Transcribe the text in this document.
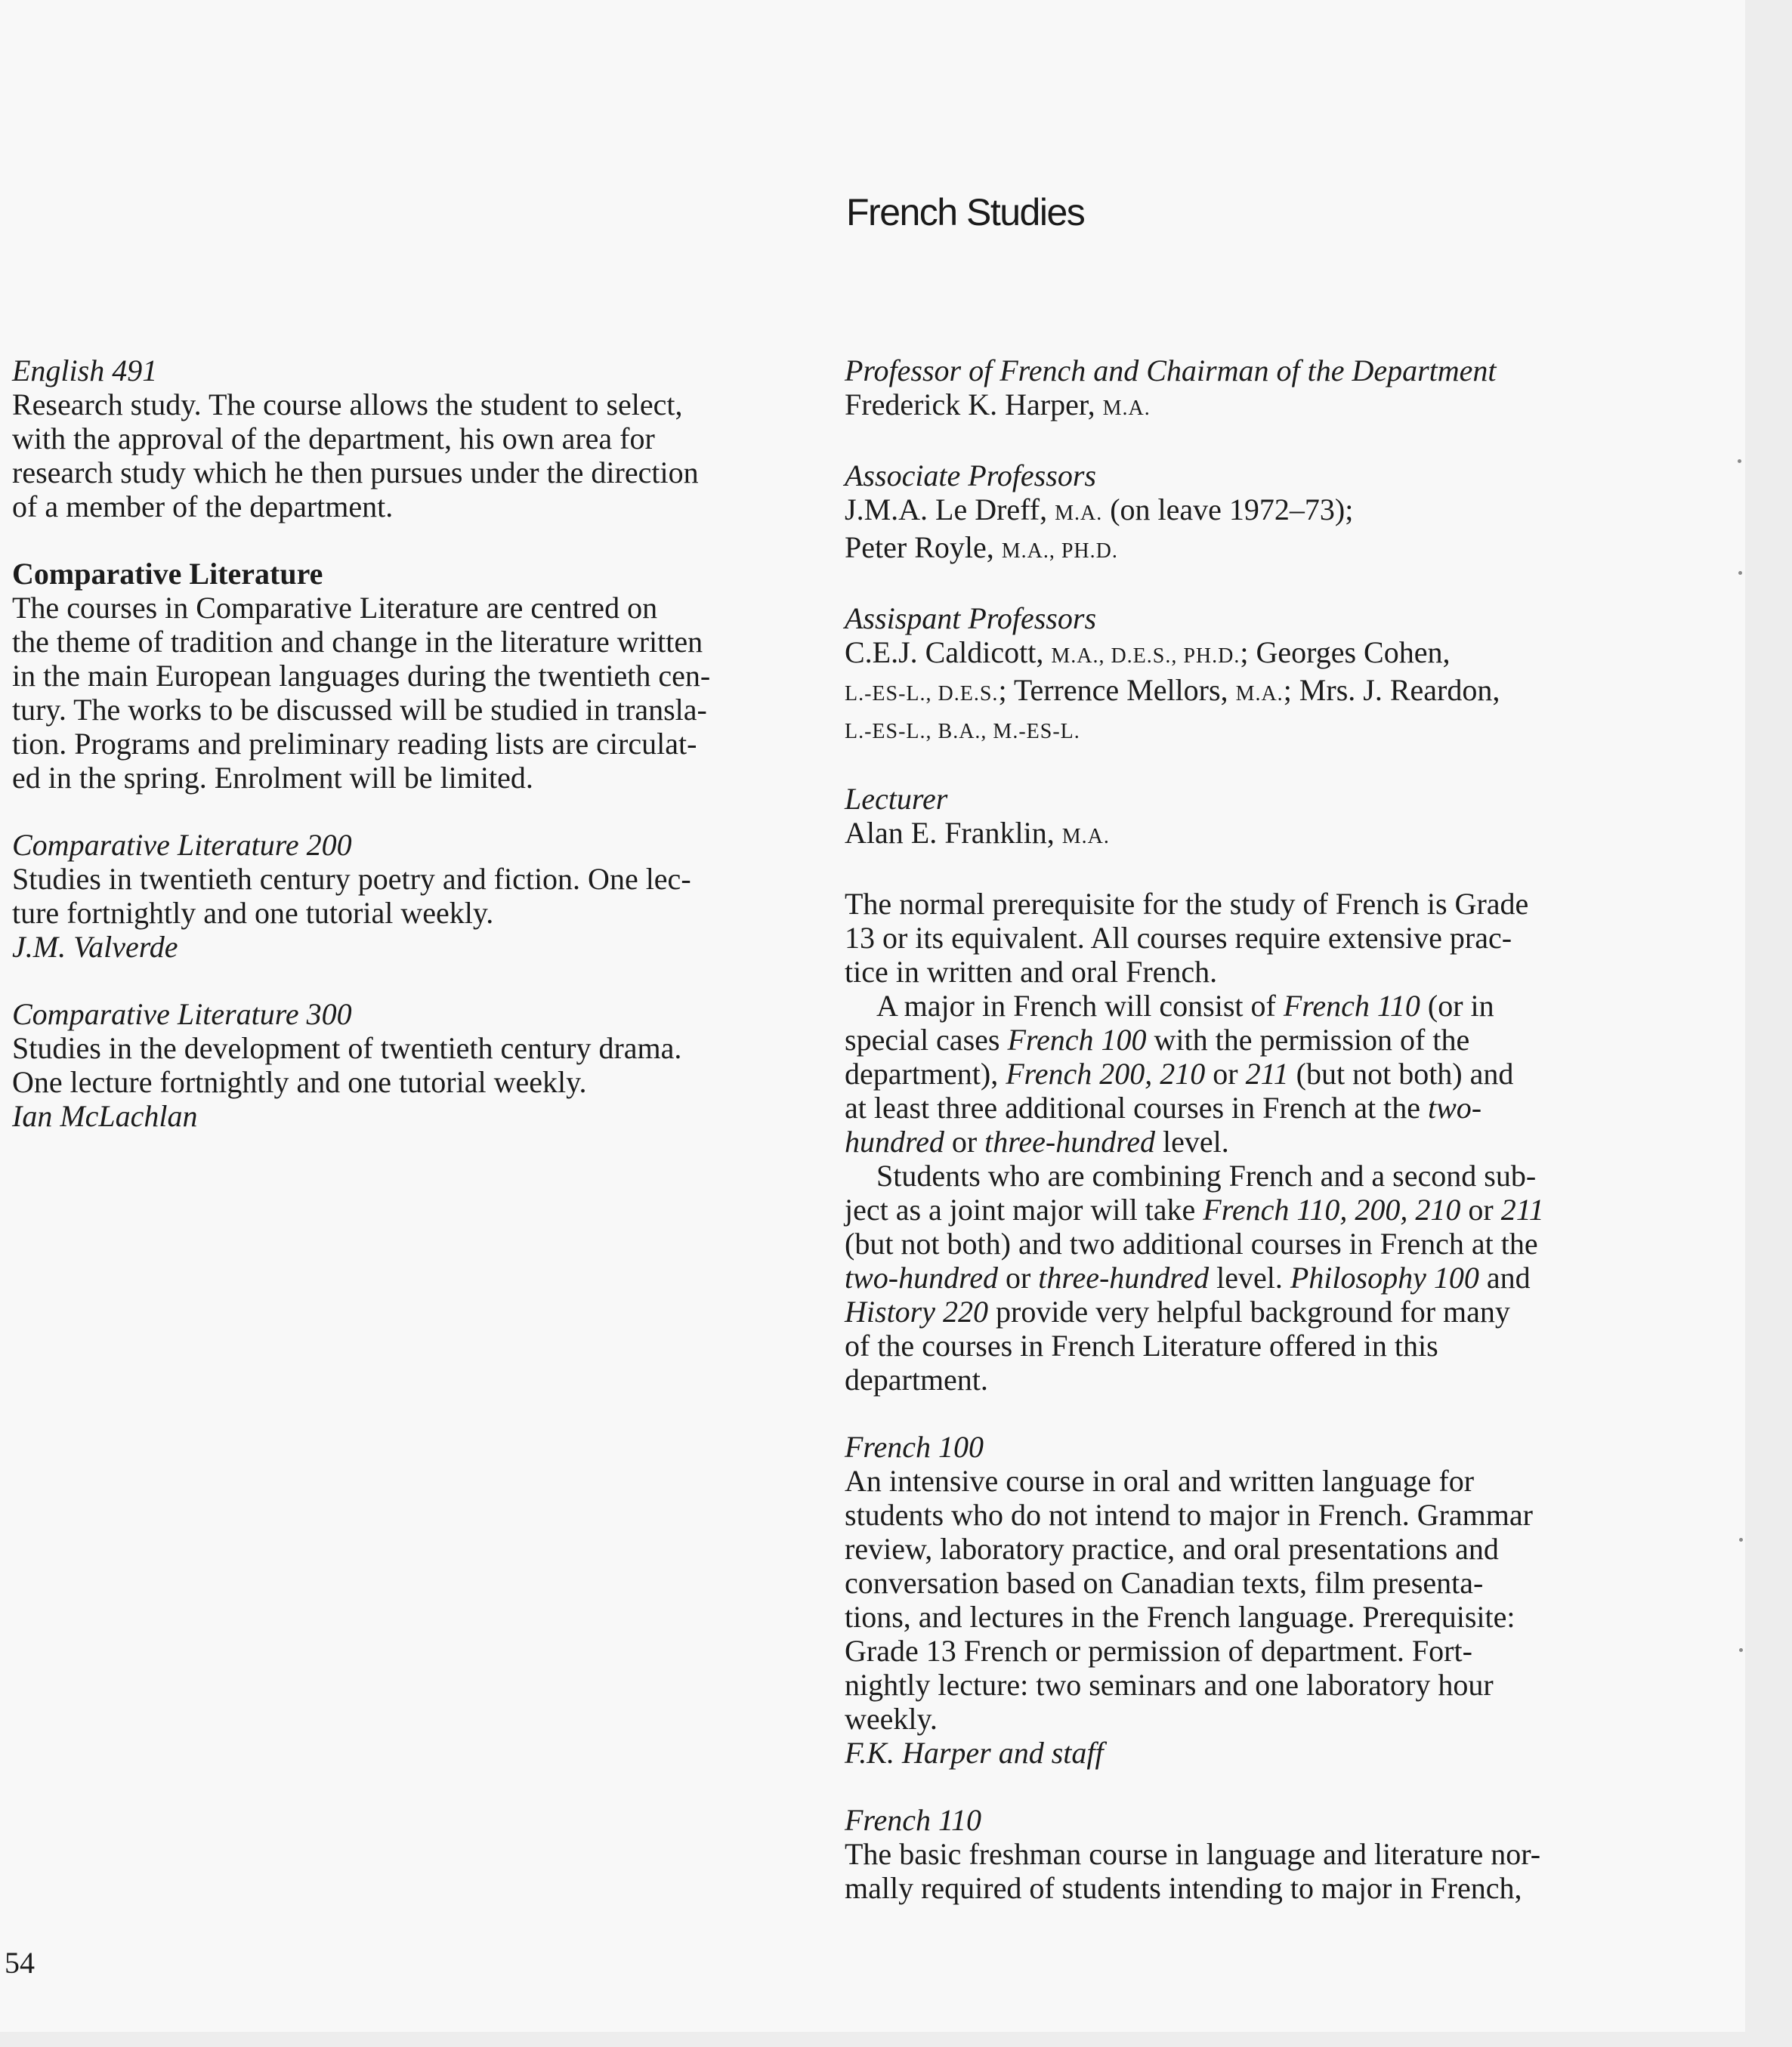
French Studies
English 491
Research study. The course allows the student to select,
with the approval of the department, his own area for
research study which he then pursues under the direction
of a member of the department.
Comparative Literature
The courses in Comparative Literature are centred on
the theme of tradition and change in the literature written
in the main European languages during the twentieth cen-
tury. The works to be discussed will be studied in transla-
tion. Programs and preliminary reading lists are circulat-
ed in the spring. Enrolment will be limited.
Comparative Literature 200
Studies in twentieth century poetry and fiction. One lec-
ture fortnightly and one tutorial weekly.
J.M. Valverde
Comparative Literature 300
Studies in the development of twentieth century drama.
One lecture fortnightly and one tutorial weekly.
Ian McLachlan
Professor of French and Chairman of the Department
Frederick K. Harper, M.A.
Associate Professors
J.M.A. Le Dreff, M.A. (on leave 1972–73);
Peter Royle, M.A., PH.D.
Assispant Professors
C.E.J. Caldicott, M.A., D.E.S., PH.D.; Georges Cohen,
L.-ES-L., D.E.S.; Terrence Mellors, M.A.; Mrs. J. Reardon,
L.-ES-L., B.A., M.-ES-L.
Lecturer
Alan E. Franklin, M.A.
The normal prerequisite for the study of French is Grade
13 or its equivalent. All courses require extensive prac-
tice in written and oral French.
A major in French will consist of French 110 (or in
special cases French 100 with the permission of the
department), French 200, 210 or 211 (but not both) and
at least three additional courses in French at the two-
hundred or three-hundred level.
Students who are combining French and a second sub-
ject as a joint major will take French 110, 200, 210 or 211
(but not both) and two additional courses in French at the
two-hundred or three-hundred level. Philosophy 100 and
History 220 provide very helpful background for many
of the courses in French Literature offered in this
department.
French 100
An intensive course in oral and written language for
students who do not intend to major in French. Grammar
review, laboratory practice, and oral presentations and
conversation based on Canadian texts, film presenta-
tions, and lectures in the French language. Prerequisite:
Grade 13 French or permission of department. Fort-
nightly lecture: two seminars and one laboratory hour
weekly.
F.K. Harper and staff
French 110
The basic freshman course in language and literature nor-
mally required of students intending to major in French,
54
